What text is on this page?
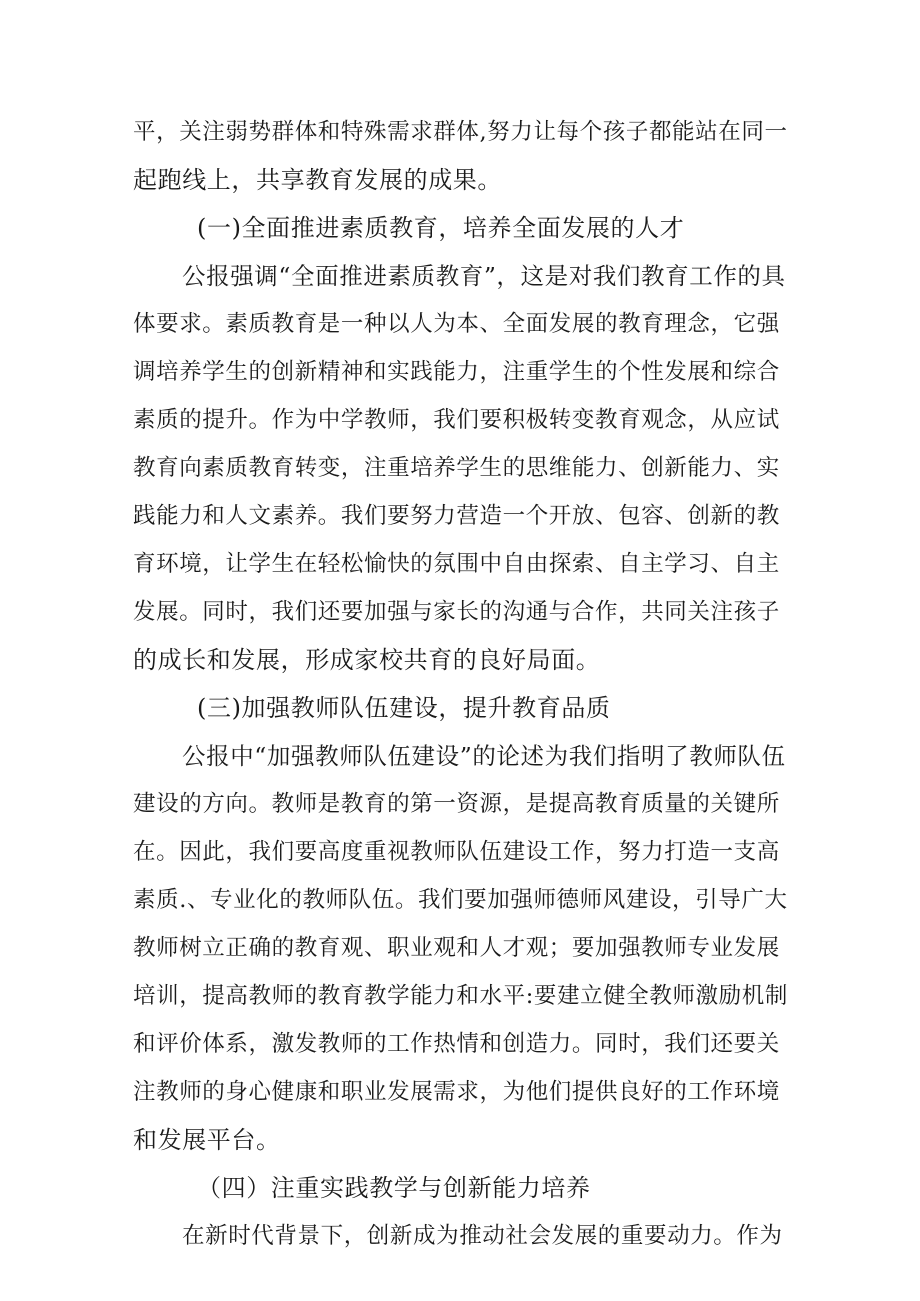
平，关注弱势群体和特殊需求群体,努力让每个孩子都能站在同一
起跑线上，共享教育发展的成果。
(一)全面推进素质教育，培养全面发展的人才
公报强调“全面推进素质教育”，这是对我们教育工作的具
体要求。素质教育是一种以人为本、全面发展的教育理念，它强
调培养学生的创新精神和实践能力，注重学生的个性发展和综合
素质的提升。作为中学教师，我们要积极转变教育观念，从应试
教育向素质教育转变，注重培养学生的思维能力、创新能力、实
践能力和人文素养。我们要努力营造一个开放、包容、创新的教
育环境，让学生在轻松愉快的氛围中自由探索、自主学习、自主
发展。同时，我们还要加强与家长的沟通与合作，共同关注孩子
的成长和发展，形成家校共育的良好局面。
(三)加强教师队伍建设，提升教育品质
公报中“加强教师队伍建设”的论述为我们指明了教师队伍
建设的方向。教师是教育的第一资源，是提高教育质量的关键所
在。因此，我们要高度重视教师队伍建设工作，努力打造一支高
素质.、专业化的教师队伍。我们要加强师德师风建设，引导广大
教师树立正确的教育观、职业观和人才观；要加强教师专业发展
培训，提高教师的教育教学能力和水平:要建立健全教师激励机制
和评价体系，激发教师的工作热情和创造力。同时，我们还要关
注教师的身心健康和职业发展需求，为他们提供良好的工作环境
和发展平台。
（四）注重实践教学与创新能力培养
在新时代背景下，创新成为推动社会发展的重要动力。作为
